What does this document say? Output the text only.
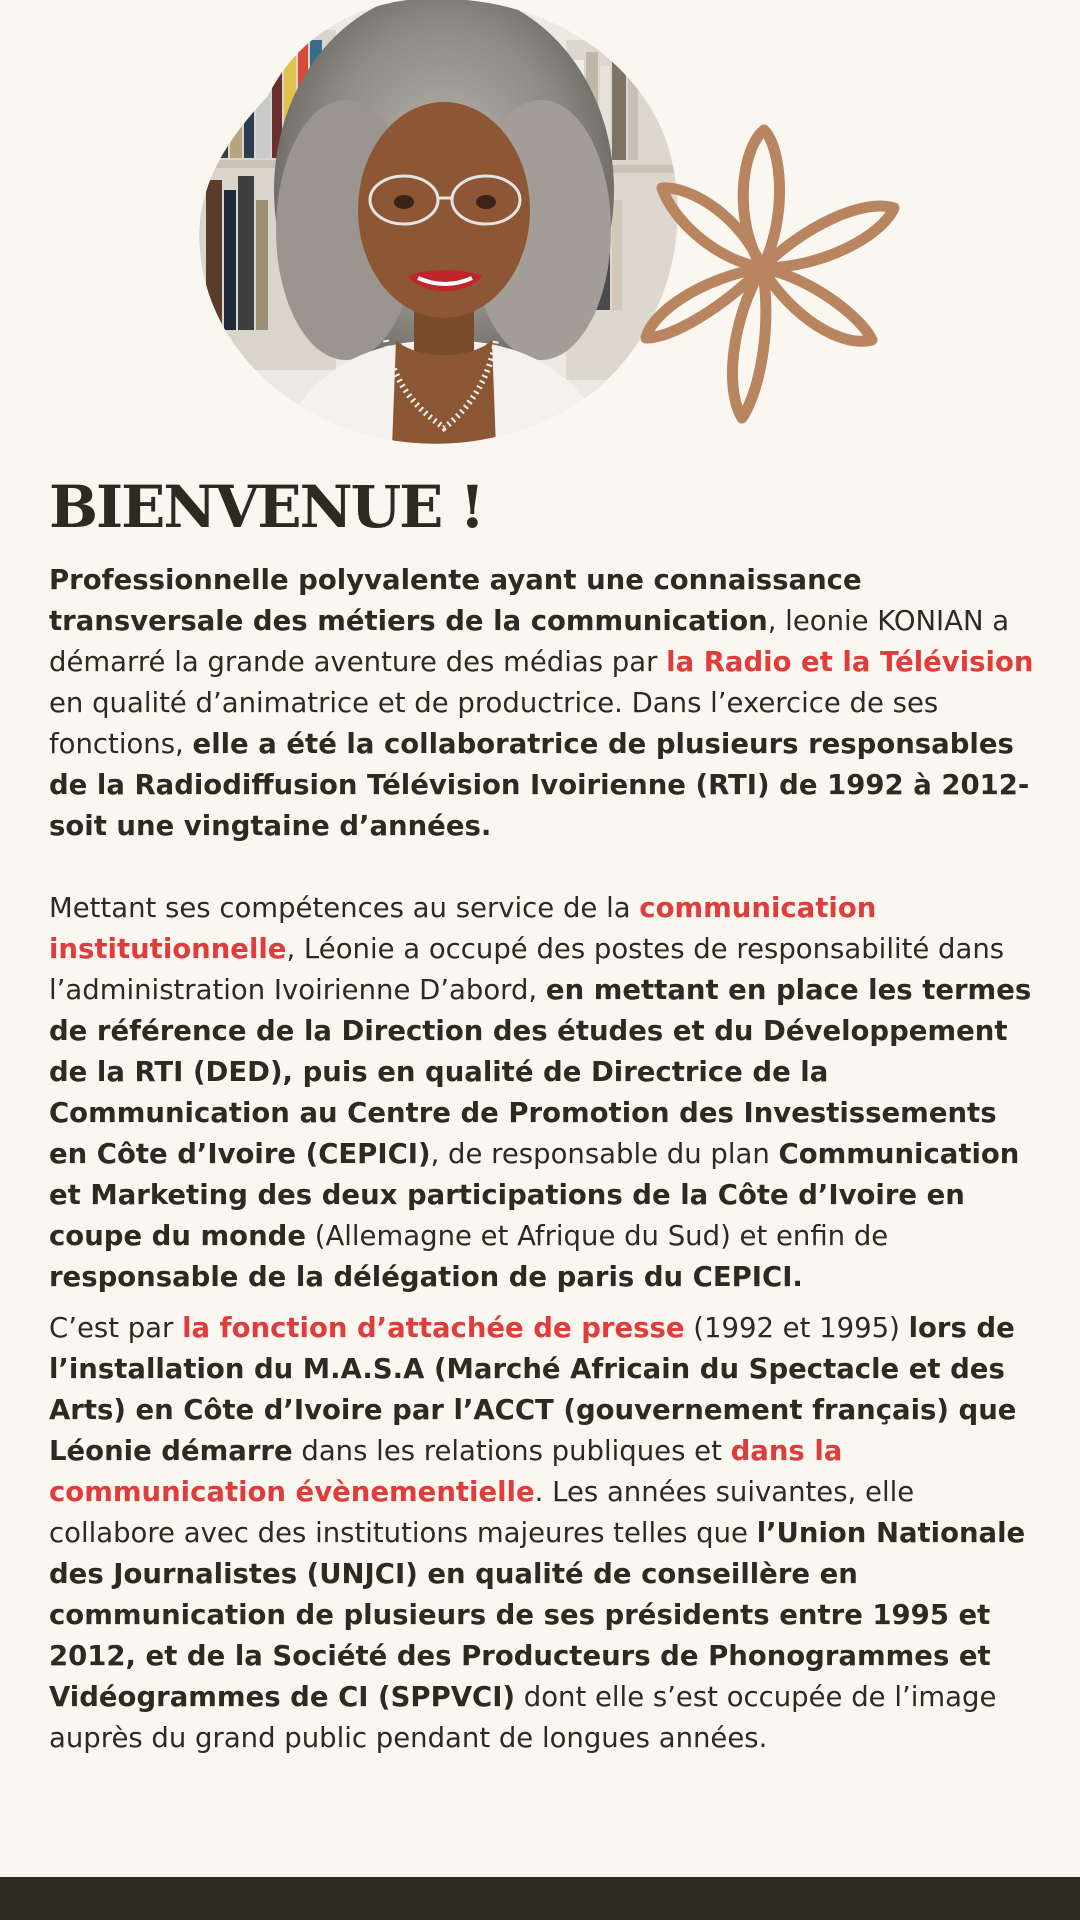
BIENVENUE !

Professionnelle polyvalente ayant une connaissance transversale des métiers de la communication, leonie KONIAN a démarré la grande aventure des médias par la Radio et la Télévision en qualité d’animatrice et de productrice. Dans l’exercice de ses fonctions, elle a été la collaboratrice de plusieurs responsables de la Radiodiffusion Télévision Ivoirienne (RTI) de 1992 à 2012-soit une vingtaine d’années.

Mettant ses compétences au service de la communication institutionnelle, Léonie a occupé des postes de responsabilité dans l’administration Ivoirienne D’abord, en mettant en place les termes de référence de la Direction des études et du Développement de la RTI (DED), puis en qualité de Directrice de la Communication au Centre de Promotion des Investissements en Côte d’Ivoire (CEPICI), de responsable du plan Communication et Marketing des deux participations de la Côte d’Ivoire en coupe du monde (Allemagne et Afrique du Sud) et enfin de responsable de la délégation de paris du CEPICI.

C’est par la fonction d’attachée de presse (1992 et 1995) lors de l’installation du M.A.S.A (Marché Africain du Spectacle et des Arts) en Côte d’Ivoire par l’ACCT (gouvernement français) que Léonie démarre dans les relations publiques et dans la communication évènementielle. Les années suivantes, elle collabore avec des institutions majeures telles que l’Union Nationale des Journalistes (UNJCI) en qualité de conseillère en communication de plusieurs de ses présidents entre 1995 et 2012, et de la Société des Producteurs de Phonogrammes et Vidéogrammes de CI (SPPVCI) dont elle s’est occupée de l’image auprès du grand public pendant de longues années.
